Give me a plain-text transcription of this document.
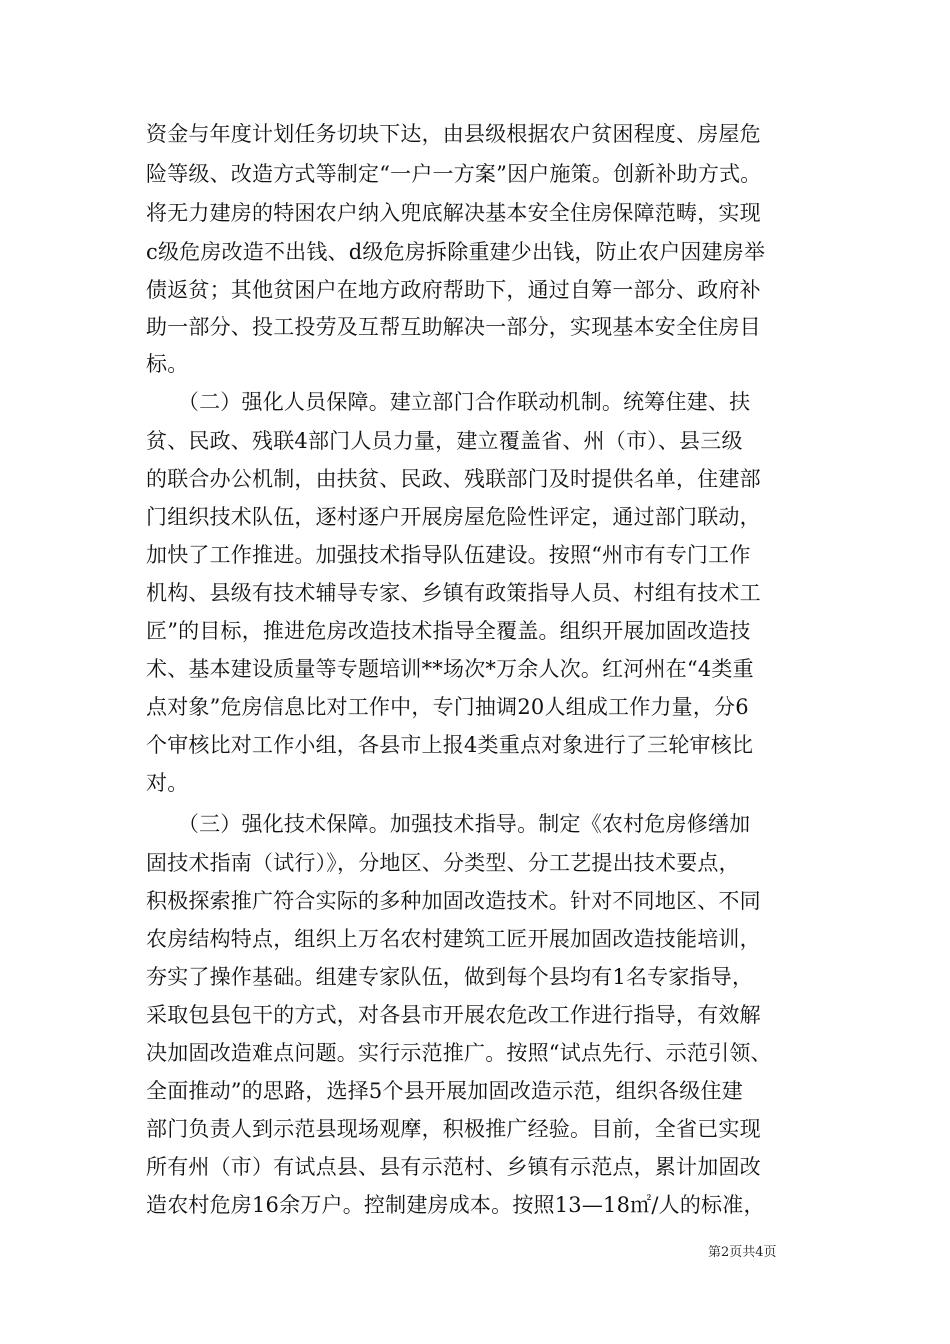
资金与年度计划任务切块下达，由县级根据农户贫困程度、房屋危
险等级、改造方式等制定“一户一方案”因户施策。创新补助方式。
将无力建房的特困农户纳入兜底解决基本安全住房保障范畴，实现
c级危房改造不出钱、d级危房拆除重建少出钱，防止农户因建房举
债返贫；其他贫困户在地方政府帮助下，通过自筹一部分、政府补
助一部分、投工投劳及互帮互助解决一部分，实现基本安全住房目
标。
　　（二）强化人员保障。建立部门合作联动机制。统筹住建、扶
贫、民政、残联4部门人员力量，建立覆盖省、州（市）、县三级
的联合办公机制，由扶贫、民政、残联部门及时提供名单，住建部
门组织技术队伍，逐村逐户开展房屋危险性评定，通过部门联动，
加快了工作推进。加强技术指导队伍建设。按照“州市有专门工作
机构、县级有技术辅导专家、乡镇有政策指导人员、村组有技术工
匠”的目标，推进危房改造技术指导全覆盖。组织开展加固改造技
术、基本建设质量等专题培训**场次*万余人次。红河州在“4类重
点对象”危房信息比对工作中，专门抽调20人组成工作力量，分6
个审核比对工作小组，各县市上报4类重点对象进行了三轮审核比
对。
　　（三）强化技术保障。加强技术指导。制定《农村危房修缮加
固技术指南（试行）》，分地区、分类型、分工艺提出技术要点，
积极探索推广符合实际的多种加固改造技术。针对不同地区、不同
农房结构特点，组织上万名农村建筑工匠开展加固改造技能培训，
夯实了操作基础。组建专家队伍，做到每个县均有1名专家指导，
采取包县包干的方式，对各县市开展农危改工作进行指导，有效解
决加固改造难点问题。实行示范推广。按照“试点先行、示范引领、
全面推动”的思路，选择5个县开展加固改造示范，组织各级住建
部门负责人到示范县现场观摩，积极推广经验。目前，全省已实现
所有州（市）有试点县、县有示范村、乡镇有示范点，累计加固改
造农村危房16余万户。控制建房成本。按照13—18㎡/人的标准，
第2页共4页
